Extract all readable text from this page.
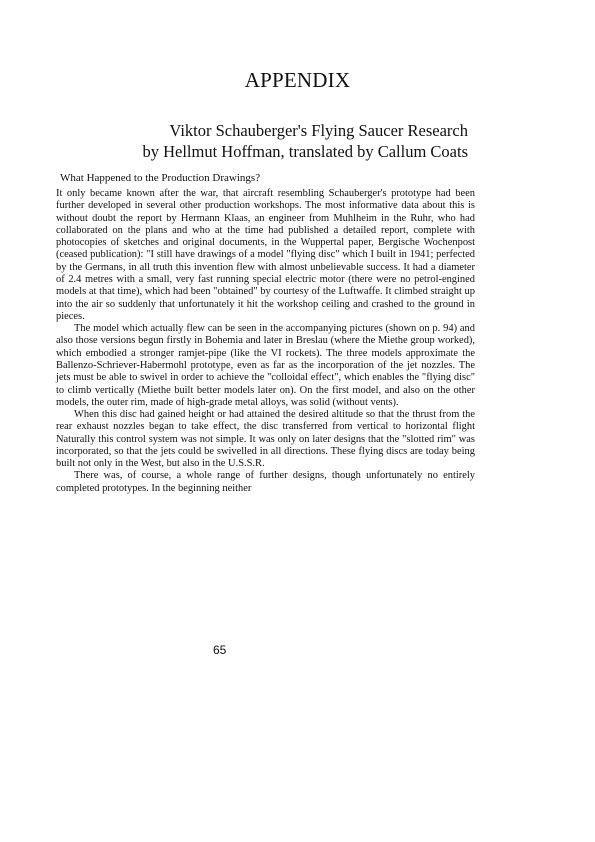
APPENDIX
Viktor Schauberger's Flying Saucer Research
by Hellmut Hoffman, translated by Callum Coats
What Happened to the Production Drawings?

It only became known after the war, that aircraft resembling Schauberger's prototype had been further developed in several other production workshops. The most informative data about this is without doubt the report by Hermann Klaas, an engineer from Muhlheim in the Ruhr, who had collaborated on the plans and who at the time had published a detailed report, complete with photocopies of sketches and original documents, in the Wuppertal paper, Bergische Wochenpost (ceased publication): "I still have drawings of a model "flying disc" which I built in 1941; perfected by the Germans, in all truth this invention flew with almost unbelievable success. It had a diameter of 2.4 metres with a small, very fast running special electric motor (there were no petrol-engined models at that time), which had been "obtained" by courtesy of the Luftwaffe. It climbed straight up into the air so suddenly that unfortunately it hit the workshop ceiling and crashed to the ground in pieces.

The model which actually flew can be seen in the accompanying pictures (shown on p. 94) and also those versions begun firstly in Bohemia and later in Breslau (where the Miethe group worked), which embodied a stronger ramjet-pipe (like the VI rockets). The three models approximate the Ballenzo-Schriever-Habermohl prototype, even as far as the incorporation of the jet nozzles. The jets must be able to swivel in order to achieve the "colloidal effect", which enables the "flying disc" to climb vertically (Miethe built better models later on). On the first model, and also on the other models, the outer rim, made of high-grade metal alloys, was solid (without vents).

When this disc had gained height or had attained the desired altitude so that the thrust from the rear exhaust nozzles began to take effect, the disc transferred from vertical to horizontal flight Naturally this control system was not simple. It was only on later designs that the "slotted rim" was incorporated, so that the jets could be swivelled in all directions. These flying discs are today being built not only in the West, but also in the U.S.S.R.

There was, of course, a whole range of further designs, though unfortunately no entirely completed prototypes. In the beginning neither

65
